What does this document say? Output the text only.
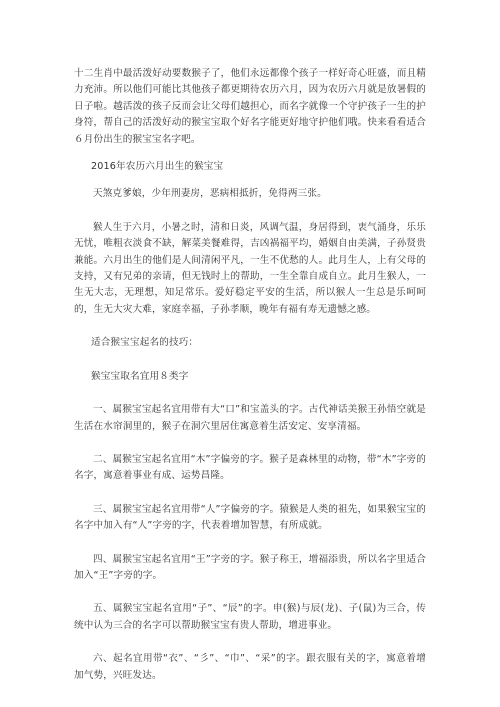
十二生肖中最活泼好动要数猴子了，他们永远都像个孩子一样好奇心旺盛，而且精力充沛。所以他们可能比其他孩子都更期待农历六月，因为农历六月就是放暑假的日子啦。越活泼的孩子反而会让父母们越担心，而名字就像一个守护孩子一生的护身符，帮自己的活泼好动的猴宝宝取个好名字能更好地守护他们哦。快来看看适合６月份出生的猴宝宝名字吧。

2016年农历六月出生的猴宝宝

天煞克爹娘，少年刑妻房，恶病相抵折，免得两三张。

猴人生于六月，小暑之时，清和日炎，风调气温，身居得到，衷气涌身，乐乐无忧，唯粗衣淡食不缺，解菜美餐难得，吉凶祸福平均，婚姻自由美满，子孙贤贵兼能。六月出生的他们是人间清闲平凡，一生不优愁的人。此月生人，上有父母的支持，又有兄弟的亲请，但无钱时上的帮助，一生全靠自成自立。此月生猴人，一生无大志，无理想，知足常乐。爱好稳定平安的生活，所以猴人一生总是乐呵呵的，生无大灾大难，家庭幸福，子孙孝顺，晚年有福有寿无遗憾之感。

适合猴宝宝起名的技巧：

猴宝宝取名宜用８类字

一、属猴宝宝起名宜用带有大“口”和宝盖头的字。古代神话美猴王孙悟空就是生活在水帘洞里的，猴子在洞穴里居住寓意着生活安定、安享清福。

二、属猴宝宝起名宜用“木”字偏旁的字。猴子是森林里的动物，带“木”字旁的名字，寓意着事业有成、运势昌隆。

三、属猴宝宝起名宜用带“人”字偏旁的字。猿猴是人类的祖先，如果猴宝宝的名字中加入有“人”字旁的字，代表着增加智慧，有所成就。

四、属猴宝宝起名宜用“王”字旁的字。猴子称王，增福添贵，所以名字里适合加入“王”字旁的字。

五、属猴宝宝起名宜用“子”、“辰”的字。申(猴)与辰(龙)、子(鼠)为三合，传统中认为三合的名字可以帮助猴宝宝有贵人帮助，增进事业。

六、起名宜用带“衣”、“彡”、“巾”、“采”的字。跟衣服有关的字，寓意着增加气势，兴旺发达。
